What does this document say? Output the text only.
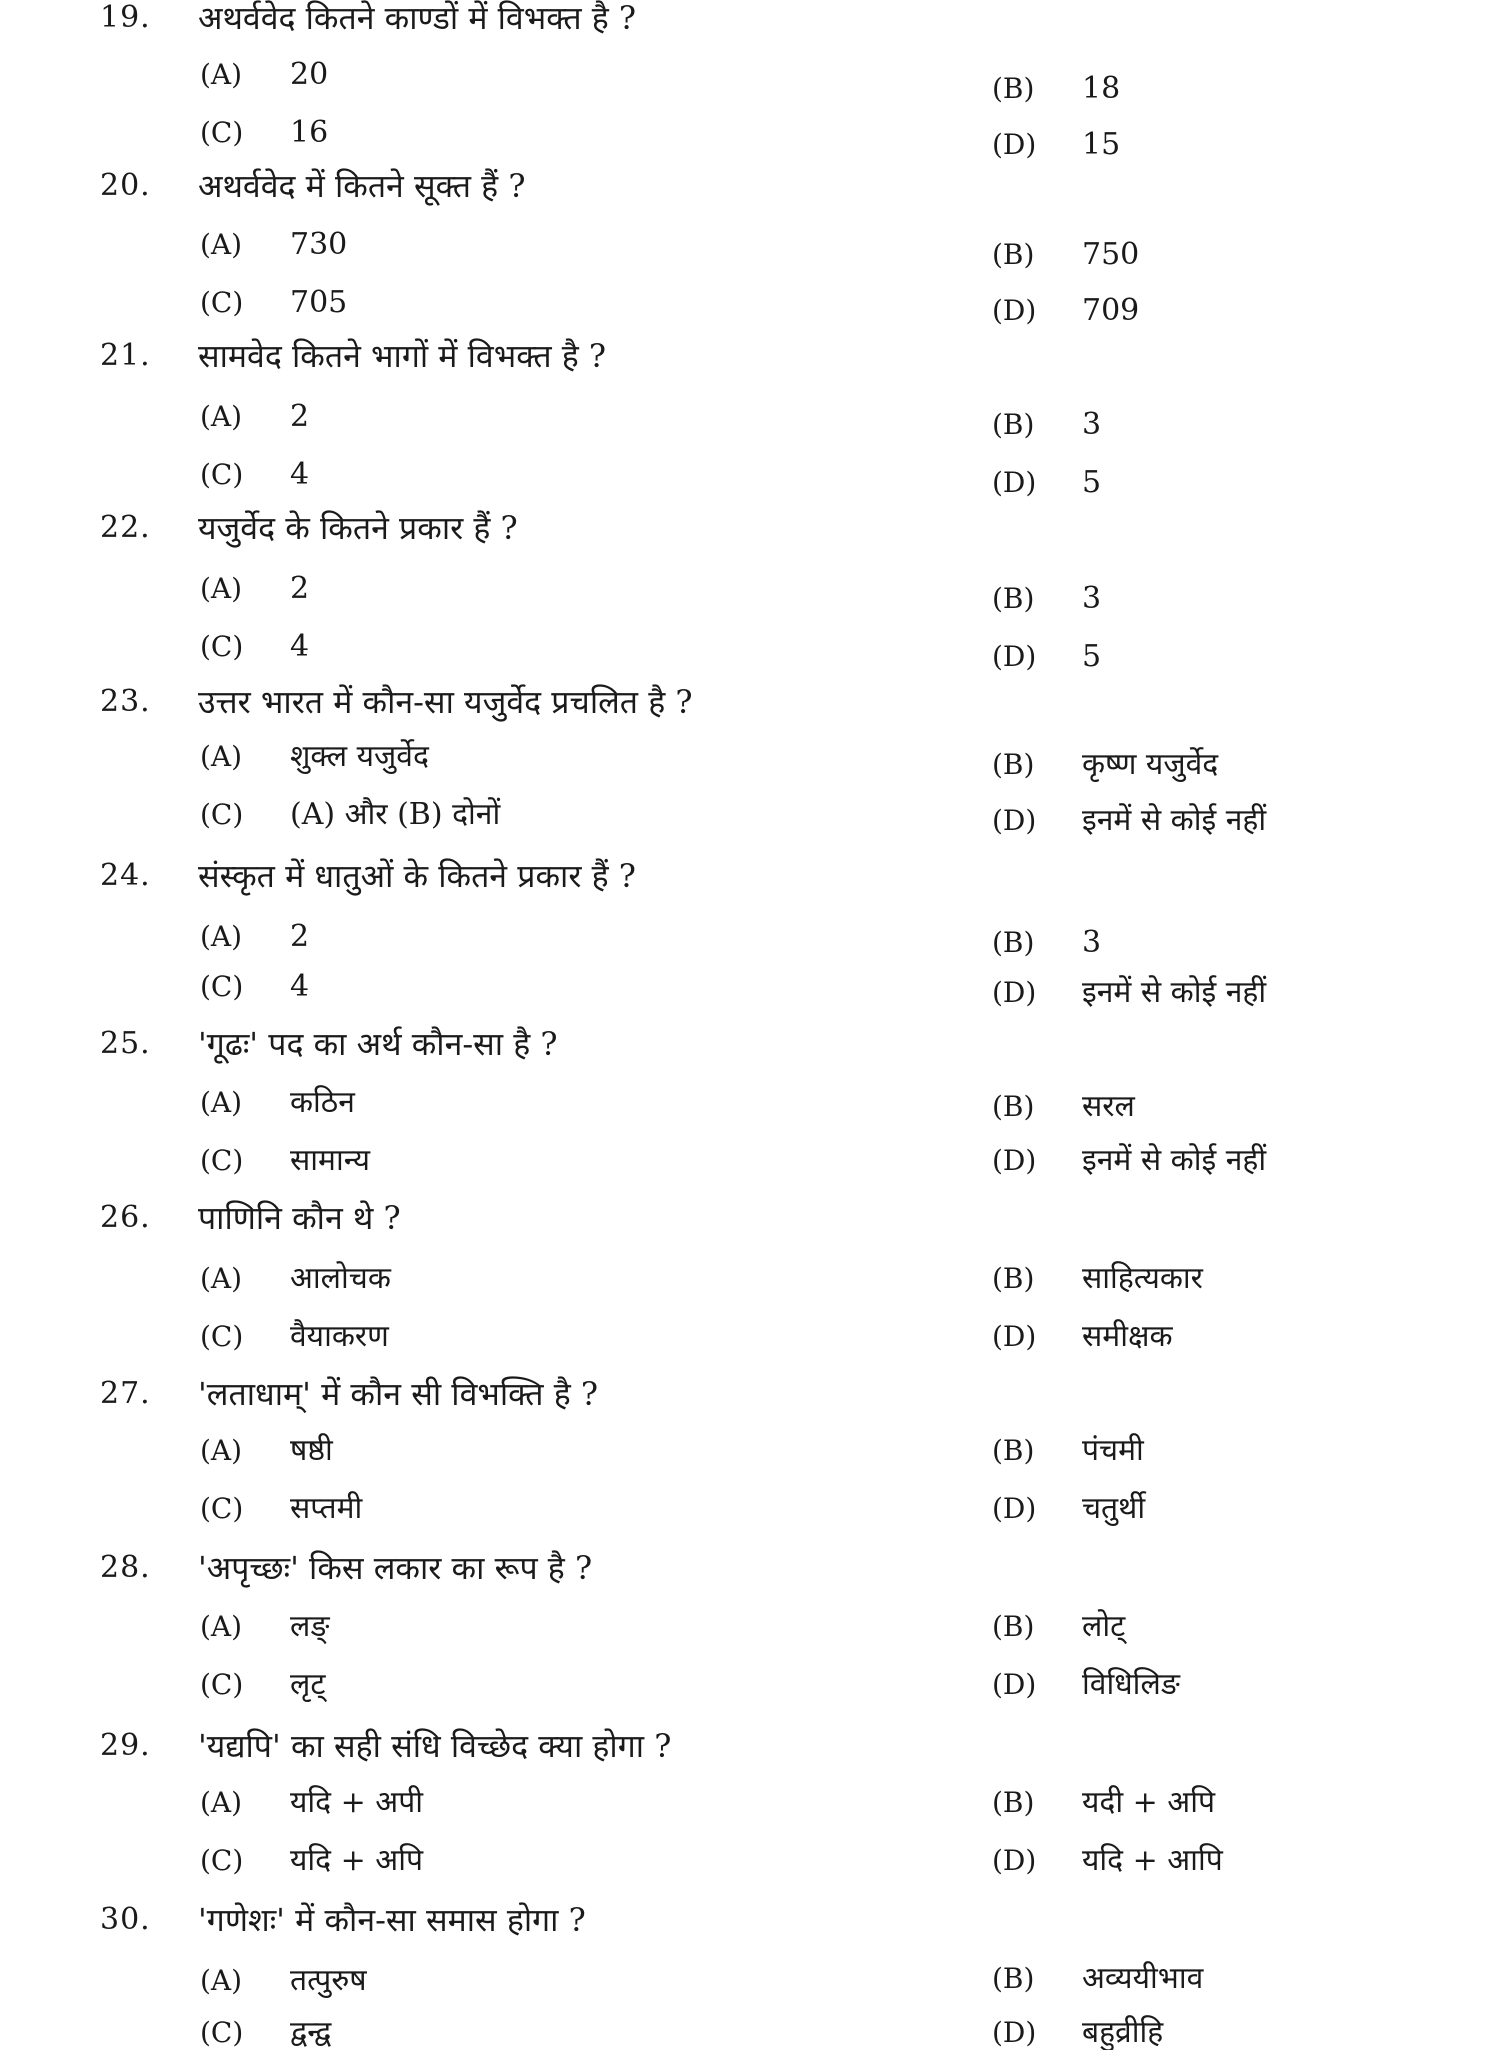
19. अथर्ववेद कितने काण्डों में विभक्त है ?
(A) 20	(B) 18
(C) 16	(D) 15
20. अथर्ववेद में कितने सूक्त हैं ?
(A) 730	(B) 750
(C) 705	(D) 709
21. सामवेद कितने भागों में विभक्त है ?
(A) 2	(B) 3
(C) 4	(D) 5
22. यजुर्वेद के कितने प्रकार हैं ?
(A) 2	(B) 3
(C) 4	(D) 5
23. उत्तर भारत में कौन-सा यजुर्वेद प्रचलित है ?
(A) शुक्ल यजुर्वेद	(B) कृष्ण यजुर्वेद
(C) (A) और (B) दोनों	(D) इनमें से कोई नहीं
24. संस्कृत में धातुओं के कितने प्रकार हैं ?
(A) 2	(B) 3
(C) 4	(D) इनमें से कोई नहीं
25. 'गूढः' पद का अर्थ कौन-सा है ?
(A) कठिन	(B) सरल
(C) सामान्य	(D) इनमें से कोई नहीं
26. पाणिनि कौन थे ?
(A) आलोचक	(B) साहित्यकार
(C) वैयाकरण	(D) समीक्षक
27. 'लताधाम्' में कौन सी विभक्ति है ?
(A) षष्ठी	(B) पंचमी
(C) सप्तमी	(D) चतुर्थी
28. 'अपृच्छः' किस लकार का रूप है ?
(A) लङ्	(B) लोट्
(C) लृट्	(D) विधिलिङ
29. 'यद्यपि' का सही संधि विच्छेद क्या होगा ?
(A) यदि + अपी	(B) यदी + अपि
(C) यदि + अपि	(D) यदि + आपि
30. 'गणेशः' में कौन-सा समास होगा ?
(A) तत्पुरुष	(B) अव्ययीभाव
(C) द्वन्द्व	(D) बहुव्रीहि
